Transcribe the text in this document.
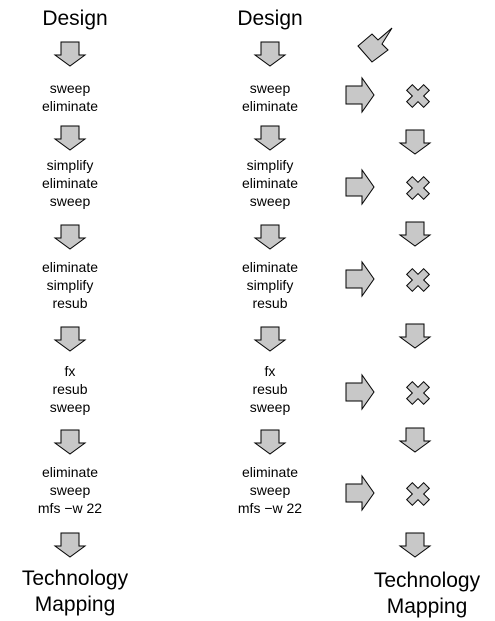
Design
sweep
eliminate
simplify
eliminate
sweep
eliminate
simplify
resub
fx
resub
sweep
eliminate
sweep
mfs −w 22
Technology
Mapping
Design
sweep
eliminate
simplify
eliminate
sweep
eliminate
simplify
resub
fx
resub
sweep
eliminate
sweep
mfs −w 22
Technology
Mapping
